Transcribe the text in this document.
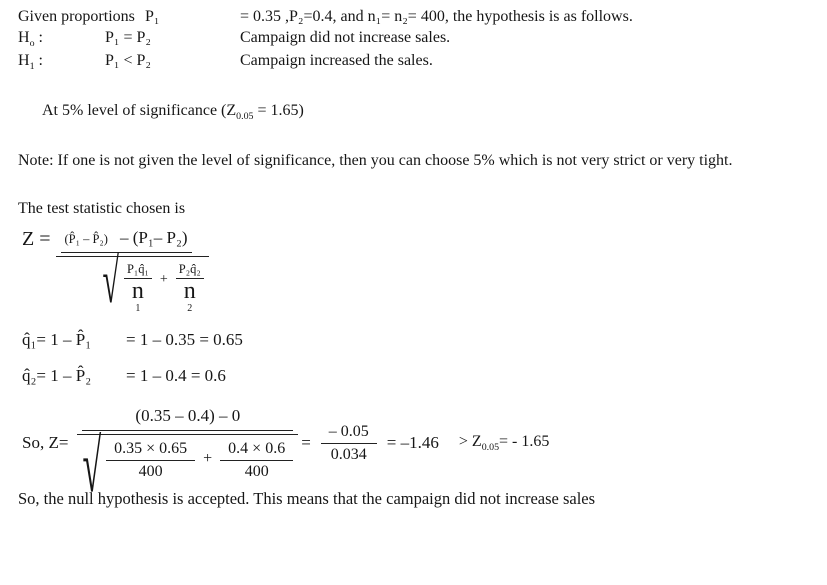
Given proportions P₁	= 0.35 ,P₂=0.4, and n₁= n₂= 400, the hypothesis is as follows.
$H_o$ :	P₁ = P₂	Campaign did not increase sales.
$H_1$ :	P₁ < P₂	Campaign increased the sales.
At 5% level of significance $(Z_{0.05} = 1.65)$

Note: If one is not given the level of significance, then you can choose 5% which is not very strict or very tight.

The test statistic chosen is
Z =	(P̂₁ – P̂₂) – (P₁– P₂)
√ P₁q̂₁
n
1
+
P₂q̂₂
n
2
q̂₁= 1 – P̂₁	= 1 – 0.35 = 0.65
q̂₂= 1 – P̂₂	= 1 – 0.4 = 0.6
So, Z=
(0.35 – 0.4) – 0
√ $\frac{0.35 \times 0.65}{400} + \frac{0.4 \times 0.6}{400} = \frac{- 0.05}{0.034} = -1.46 > Z_{0.05}= - 1.65$
So, the null hypothesis is accepted. This means that the campaign did not increase sales
